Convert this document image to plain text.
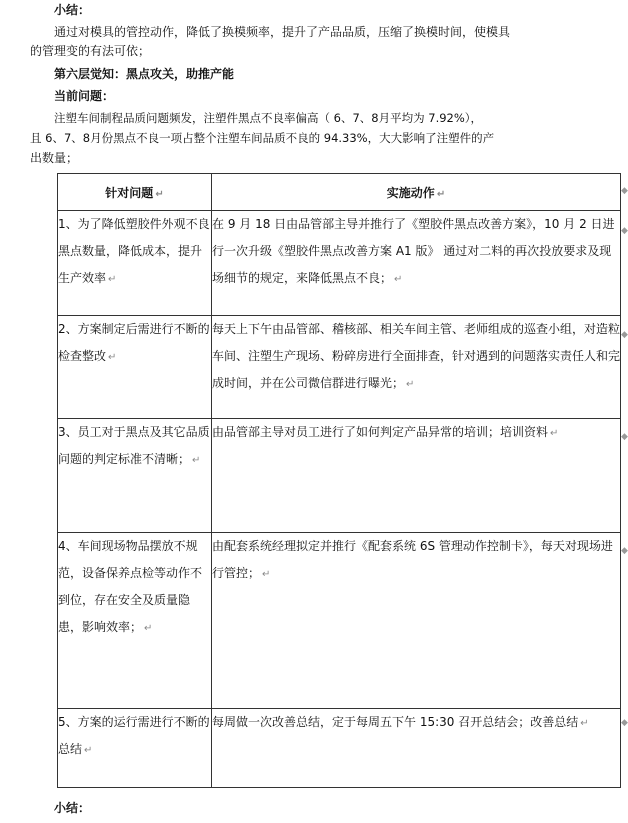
小结：
通过对模具的管控动作，降低了换模频率，提升了产品品质，压缩了换模时间，使模具
的管理变的有法可依；
第六层觉知：黑点攻关，助推产能
当前问题：
注塑车间制程品质问题频发，注塑件黑点不良率偏高（ 6、7、8月平均为 7.92%），
且 6、7、8月份黑点不良一项占整个注塑车间品质不良的 94.33%，大大影响了注塑件的产
出数量；
针对问题 ↵	实施动作 ↵
1、为了降低塑胶件外观不良黑点数量，降低成本，提升生产效率 ↵	在 9 月 18 日由品管部主导并推行了《塑胶件黑点改善方案》，10 月 2 日进行一次升级《塑胶件黑点改善方案 A1 版》 通过对二料的再次投放要求及现场细节的规定，来降低黑点不良； ↵
2、方案制定后需进行不断的检查整改 ↵	每天上下午由品管部、稽核部、相关车间主管、老师组成的巡查小组，对造粒车间、注塑生产现场、粉碎房进行全面排查，针对遇到的问题落实责任人和完成时间，并在公司微信群进行曝光； ↵
3、员工对于黑点及其它品质问题的判定标准不清晰； ↵	由品管部主导对员工进行了如何判定产品异常的培训；培训资料 ↵
4、车间现场物品摆放不规范，设备保养点检等动作不到位，存在安全及质量隐患，影响效率； ↵	由配套系统经理拟定并推行《配套系统 6S 管理动作控制卡》，每天对现场进行管控； ↵
5、方案的运行需进行不断的总结 ↵	每周做一次改善总结，定于每周五下午 15:30 召开总结会；改善总结 ↵
◆
◆
◆
◆
◆
◆
小结：
